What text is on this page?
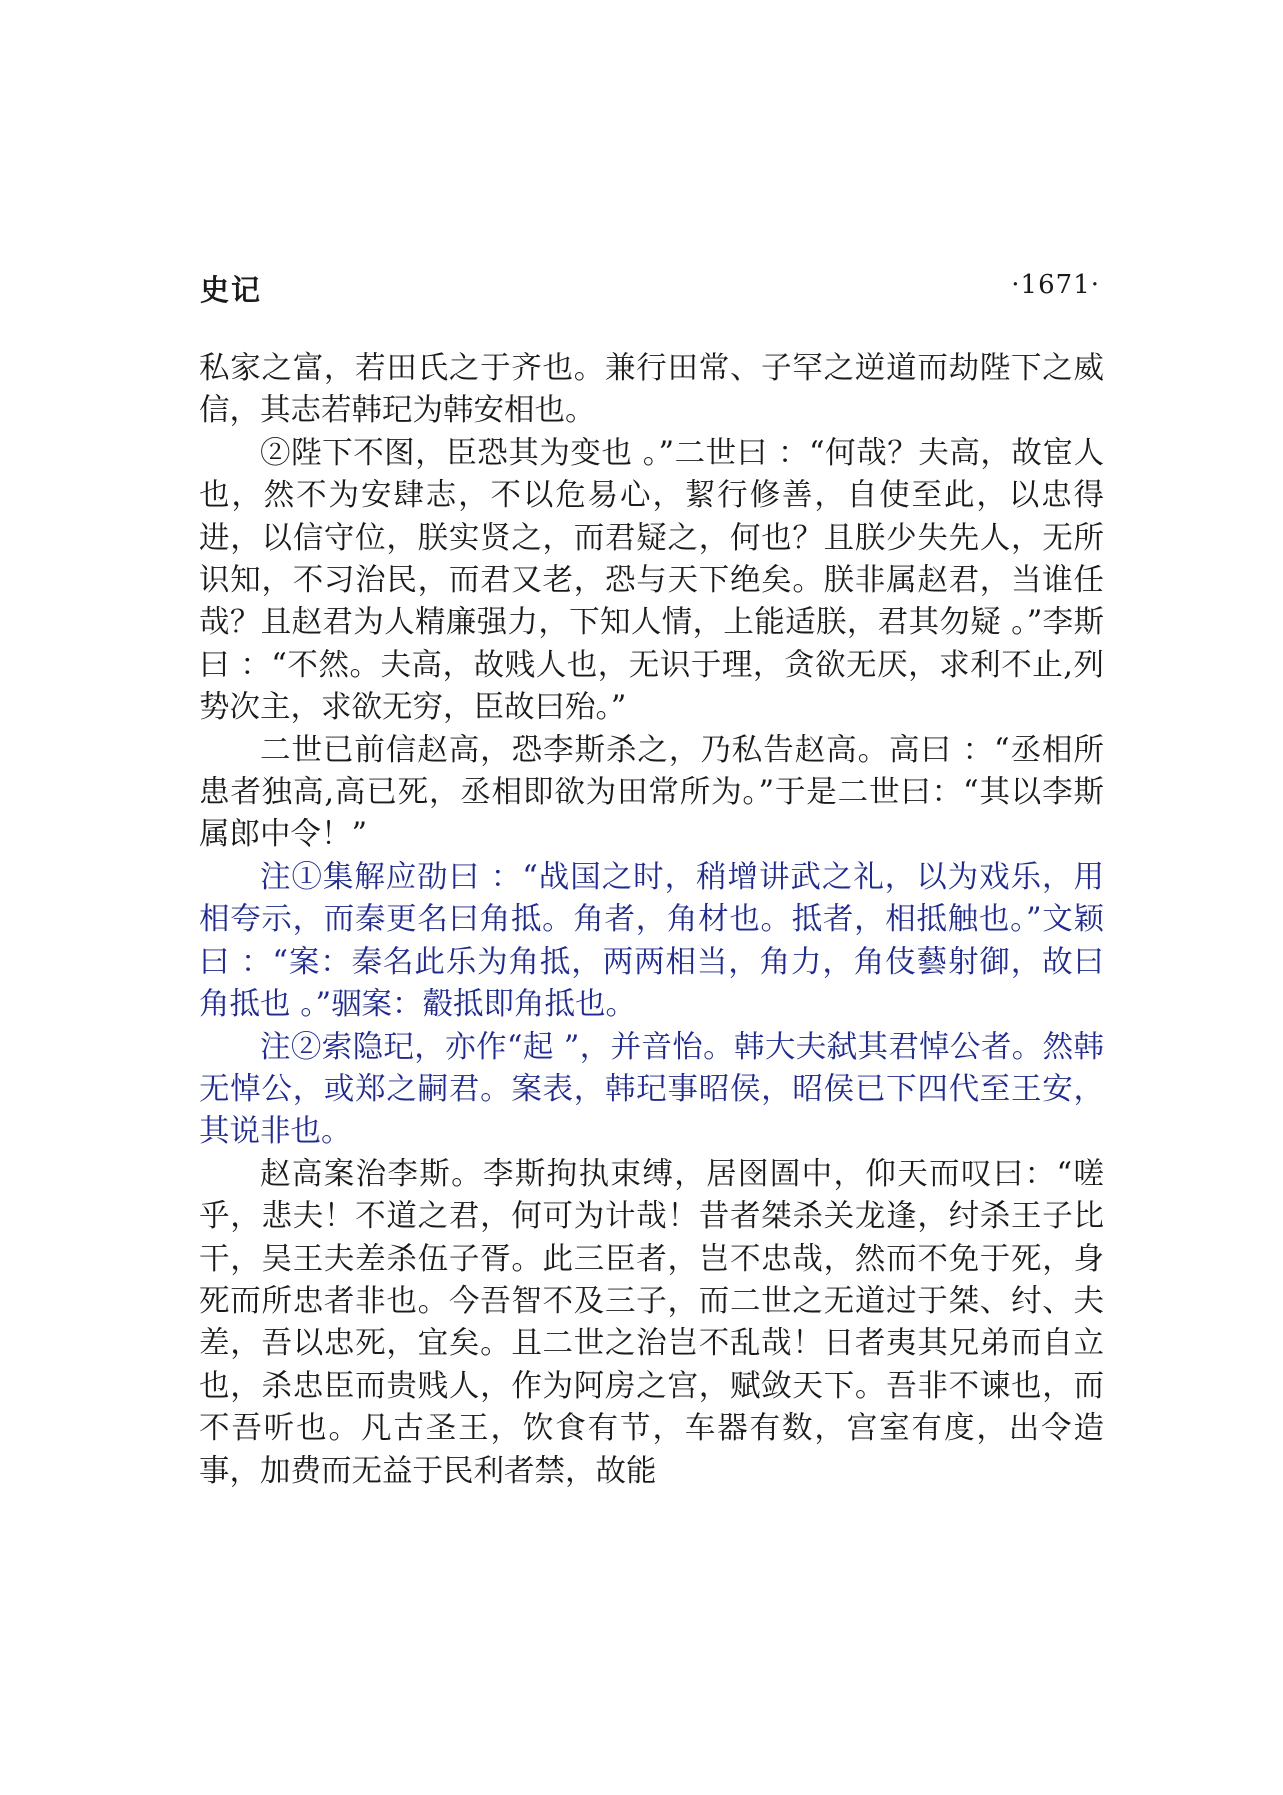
史记	·1671·

私家之富，若田氏之于齐也。兼行田常、子罕之逆道而劫陛下之威信，其志若韩玘为韩安相也。

②陛下不图，臣恐其为变也 。”二世曰 ：“何哉？夫高，故宦人也，然不为安肆志，不以危易心，絜行修善，自使至此，以忠得进，以信守位，朕实贤之，而君疑之，何也？且朕少失先人，无所识知，不习治民，而君又老，恐与天下绝矣。朕非属赵君，当谁任哉？且赵君为人精廉强力，下知人情，上能适朕，君其勿疑 。”李斯曰 ：“不然。夫高，故贱人也，无识于理，贪欲无厌，求利不止,列势次主，求欲无穷，臣故曰殆。”

二世已前信赵高，恐李斯杀之，乃私告赵高。高曰 ：“丞相所患者独高,高已死，丞相即欲为田常所为。”于是二世曰：“其以李斯属郎中令！”

注①集解应劭曰 ：“战国之时，稍增讲武之礼，以为戏乐，用相夸示，而秦更名曰角抵。角者，角材也。抵者，相抵触也。”文颖曰 ：“案：秦名此乐为角抵，两两相当，角力，角伎藝射御，故曰角抵也 。”骃案：觳抵即角抵也。

注②索隐玘，亦作“起 ”，并音怡。韩大夫弑其君悼公者。然韩无悼公，或郑之嗣君。案表，韩玘事昭侯，昭侯已下四代至王安，其说非也。

赵高案治李斯。李斯拘执束缚，居囹圄中，仰天而叹曰：“嗟乎，悲夫！不道之君，何可为计哉！昔者桀杀关龙逢，纣杀王子比干，吴王夫差杀伍子胥。此三臣者，岂不忠哉，然而不免于死，身死而所忠者非也。今吾智不及三子，而二世之无道过于桀、纣、夫差，吾以忠死，宜矣。且二世之治岂不乱哉！日者夷其兄弟而自立也，杀忠臣而贵贱人，作为阿房之宫，赋敛天下。吾非不谏也，而不吾听也。凡古圣王，饮食有节，车器有数，宫室有度，出令造事，加费而无益于民利者禁，故能
